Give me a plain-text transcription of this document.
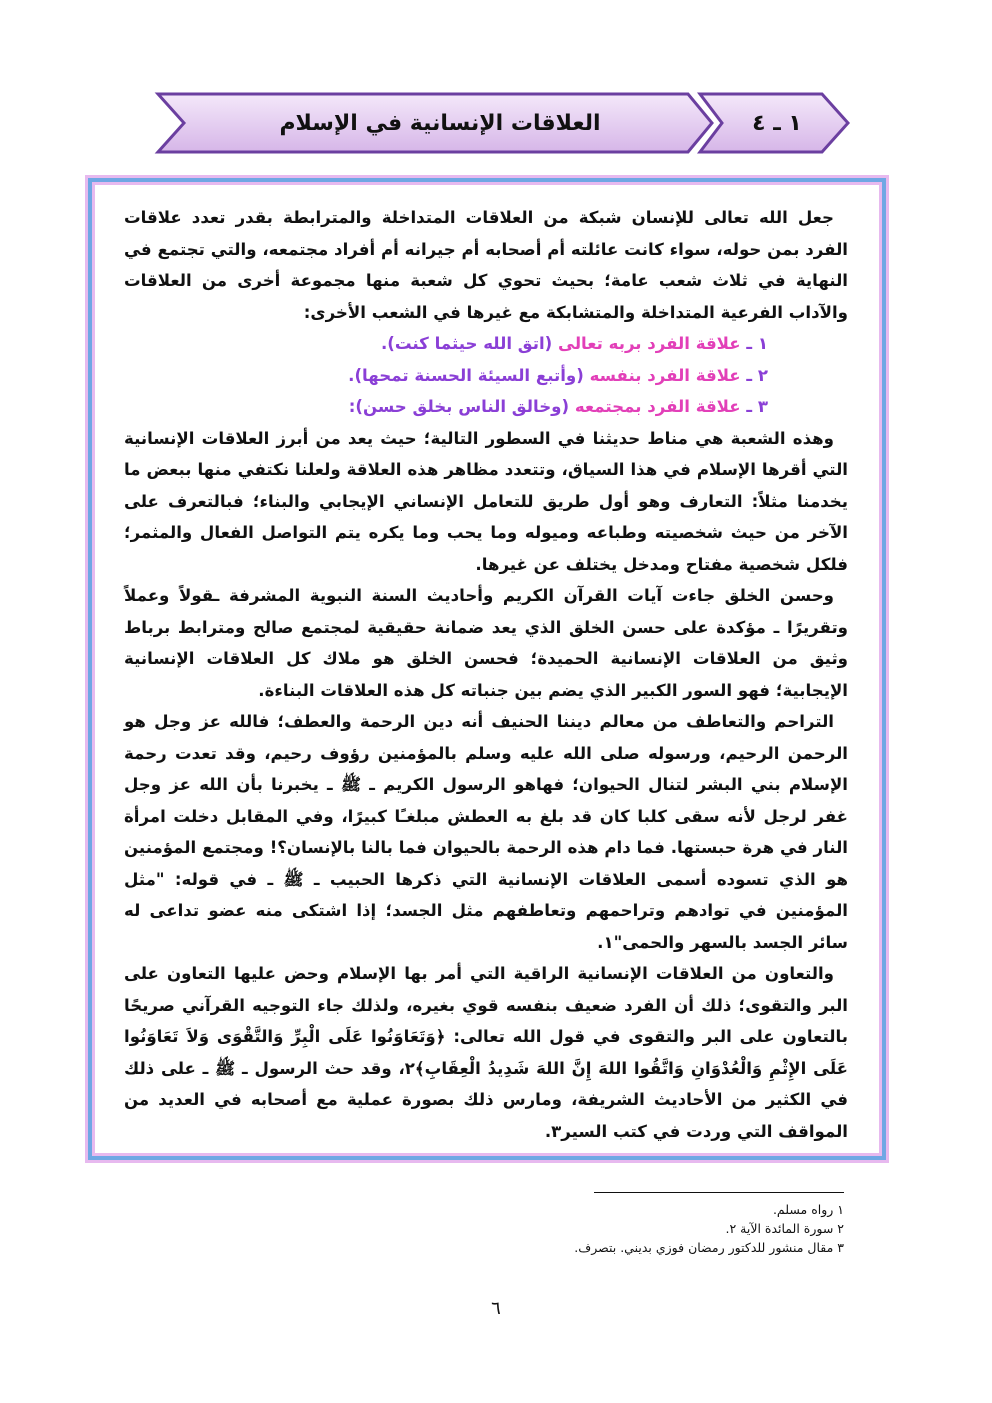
١ ـ ٤
العلاقات الإنسانية في الإسلام

جعل الله تعالى للإنسان شبكة من العلاقات المتداخلة والمترابطة بقدر تعدد علاقات الفرد بمن حوله، سواء كانت عائلته أم أصحابه أم جيرانه أم أفراد مجتمعه، والتي تجتمع في النهاية في ثلاث شعب عامة؛ بحيث تحوي كل شعبة منها مجموعة أخرى من العلاقات والآداب الفرعية المتداخلة والمتشابكة مع غيرها في الشعب الأخرى:

١ ـ علاقة الفرد بربه تعالى (اتق الله حيثما كنت).

٢ ـ علاقة الفرد بنفسه (وأتبع السيئة الحسنة تمحها).

٣ ـ علاقة الفرد بمجتمعه (وخالق الناس بخلق حسن):

وهذه الشعبة هي مناط حديثنا في السطور التالية؛ حيث يعد من أبرز العلاقات الإنسانية التي أقرها الإسلام في هذا السياق، وتتعدد مظاهر هذه العلاقة ولعلنا نكتفي منها ببعض ما يخدمنا مثلاً: التعارف وهو أول طريق للتعامل الإنساني الإيجابي والبناء؛ فبالتعرف على الآخر من حيث شخصيته وطباعه وميوله وما يحب وما يكره يتم التواصل الفعال والمثمر؛ فلكل شخصية مفتاح ومدخل يختلف عن غيرها.

وحسن الخلق جاءت آيات القرآن الكريم وأحاديث السنة النبوية المشرفة ـقولاً وعملاً وتقريرًا ـ مؤكدة على حسن الخلق الذي يعد ضمانة حقيقية لمجتمع صالح ومترابط برباط وثيق من العلاقات الإنسانية الحميدة؛ فحسن الخلق هو ملاك كل العلاقات الإنسانية الإيجابية؛ فهو السور الكبير الذي يضم بين جنباته كل هذه العلاقات البناءة.

التراحم والتعاطف من معالم ديننا الحنيف أنه دين الرحمة والعطف؛ فالله عز وجل هو الرحمن الرحيم، ورسوله صلى الله عليه وسلم بالمؤمنين رؤوف رحيم، وقد تعدت رحمة الإسلام بني البشر لتنال الحيوان؛ فهاهو الرسول الكريم ـ ﷺ ـ يخبرنا بأن الله عز وجل غفر لرجل لأنه سقى كلبا كان قد بلغ به العطش مبلغـًا كبيرًا، وفي المقابل دخلت امرأة النار في هرة حبستها. فما دام هذه الرحمة بالحيوان فما بالنا بالإنسان؟! ومجتمع المؤمنين هو الذي تسوده أسمى العلاقات الإنسانية التي ذكرها الحبيب ـ ﷺ ـ في قوله: "مثل المؤمنين في توادهم وتراحمهم وتعاطفهم مثل الجسد؛ إذا اشتكى منه عضو تداعى له سائر الجسد بالسهر والحمى"١.

والتعاون من العلاقات الإنسانية الراقية التي أمر بها الإسلام وحض عليها التعاون على البر والتقوى؛ ذلك أن الفرد ضعيف بنفسه قوي بغيره، ولذلك جاء التوجيه القرآني صريحًا بالتعاون على البر والتقوى في قول الله تعالى: ﴿وَتَعَاوَنُوا عَلَى الْبِرِّ وَالتَّقْوَى وَلاَ تَعَاوَنُوا عَلَى الإِثْمِ وَالْعُدْوَانِ وَاتَّقُوا اللهَ إِنَّ اللهَ شَدِيدُ الْعِقَابِ﴾٢، وقد حث الرسول ـ ﷺ ـ على ذلك في الكثير من الأحاديث الشريفة، ومارس ذلك بصورة عملية مع أصحابه في العديد من المواقف التي وردت في كتب السير٣.

١ رواه مسلم.
٢ سورة المائدة الآية ٢.
٣ مقال منشور للدكتور رمضان فوزي بديني. بتصرف.
٦
